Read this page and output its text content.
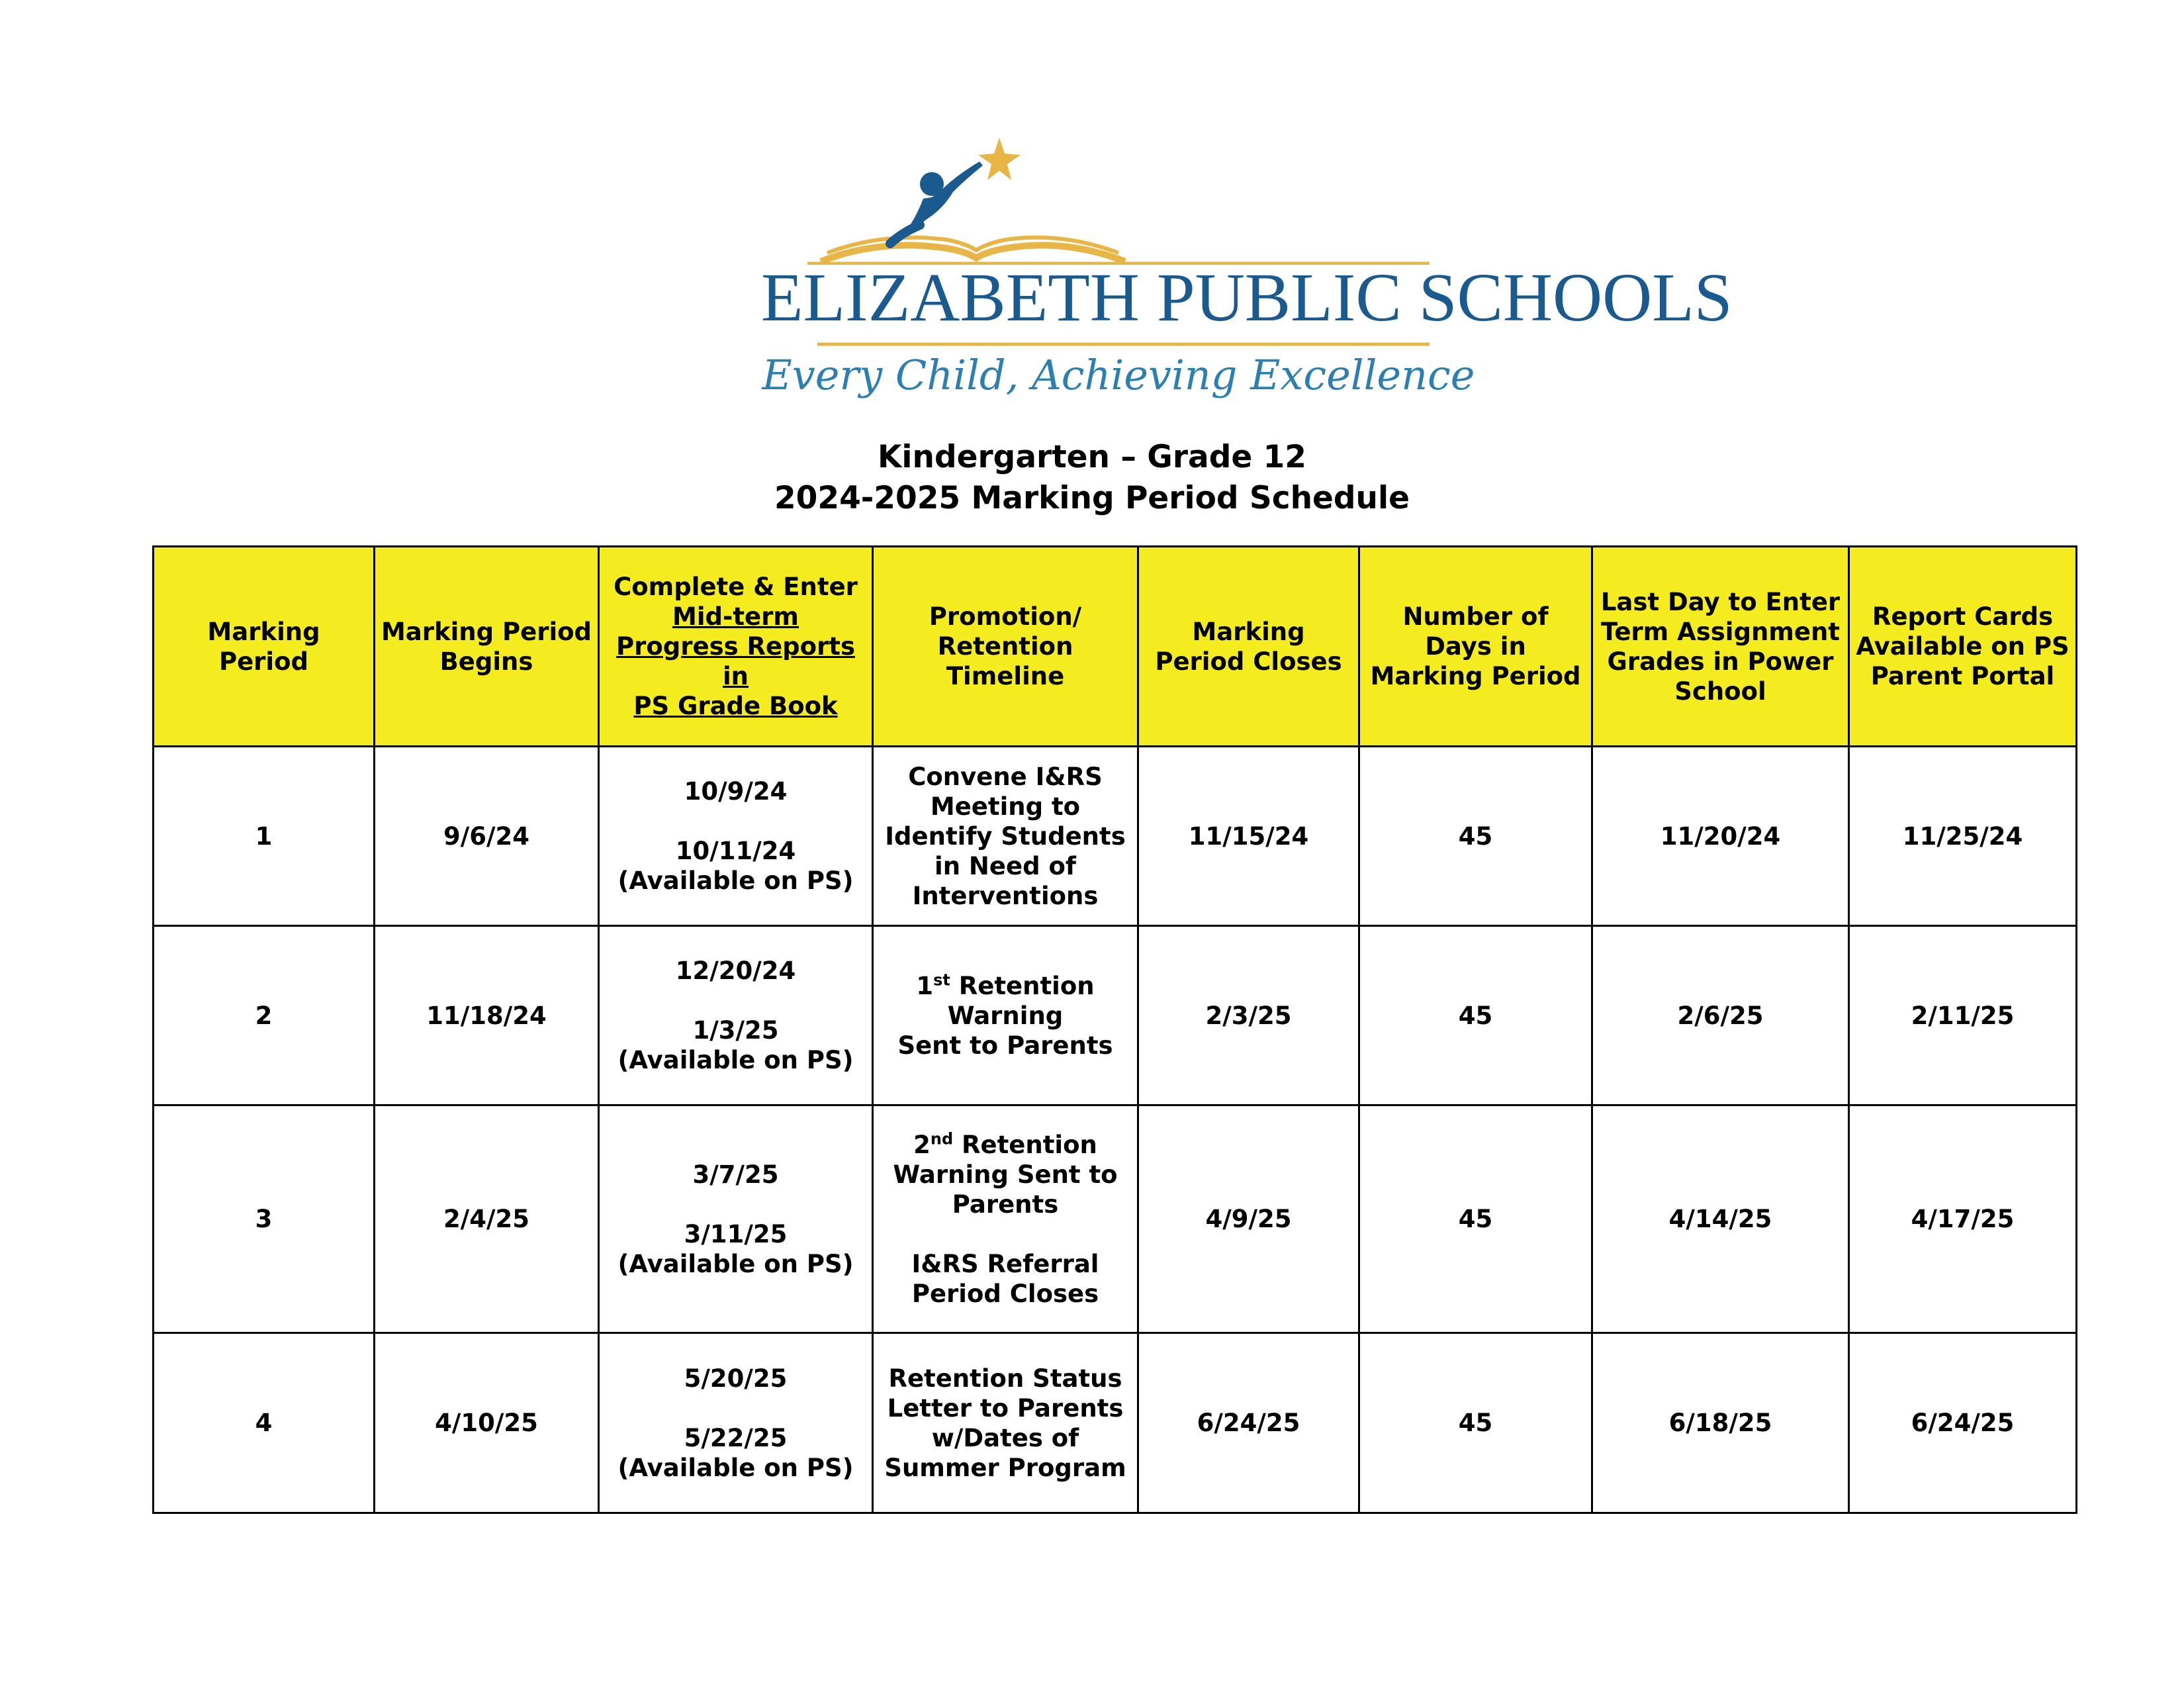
ELIZABETH PUBLIC SCHOOLS
Every Child, Achieving Excellence
Kindergarten – Grade 12
2024-2025 Marking Period Schedule
Marking Period	Marking Period Begins	Complete & Enter
Mid-term
Progress Reports
in
PS Grade Book	Promotion/ Retention Timeline	Marking Period Closes	Number of Days in Marking Period	Last Day to Enter Term Assignment Grades in Power School	Report Cards Available on PS Parent Portal
1	9/6/24	10/9/24
10/11/24
(Available on PS)	Convene I&RS Meeting to Identify Students in Need of Interventions	11/15/24	45	11/20/24	11/25/24
2	11/18/24	12/20/24
1/3/25
(Available on PS)	1st Retention Warning
Sent to Parents	2/3/25	45	2/6/25	2/11/25
3	2/4/25	3/7/25
3/11/25
(Available on PS)	2nd Retention Warning Sent to Parents
I&RS Referral Period Closes	4/9/25	45	4/14/25	4/17/25
4	4/10/25	5/20/25
5/22/25
(Available on PS)	Retention Status Letter to Parents w/Dates of Summer Program	6/24/25	45	6/18/25	6/24/25
